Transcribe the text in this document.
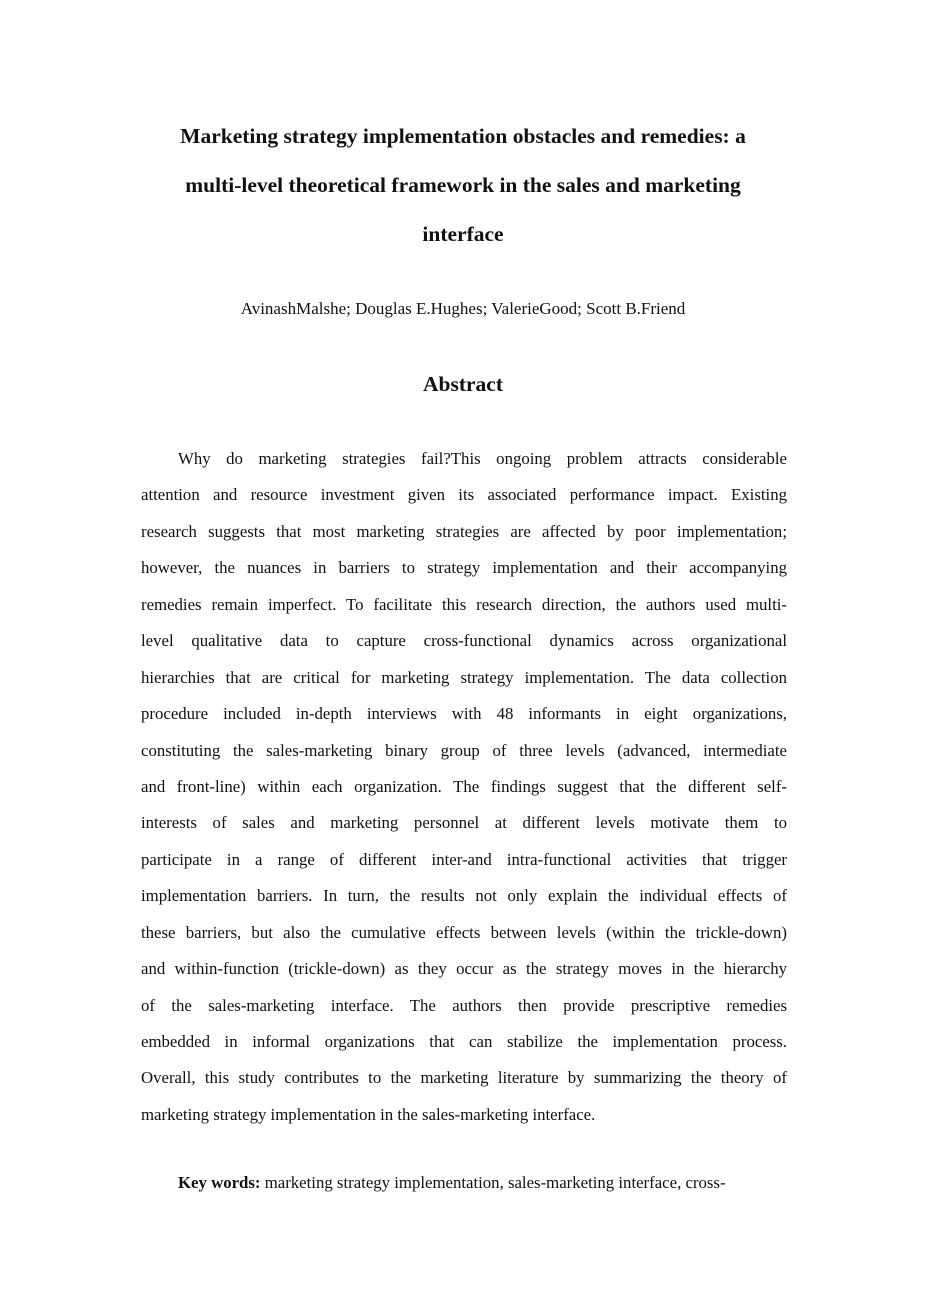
Marketing strategy implementation obstacles and remedies: a
multi-level theoretical framework in the sales and marketing
interface
AvinashMalshe; Douglas E.Hughes; ValerieGood; Scott B.Friend
Abstract
Why do marketing strategies fail?This ongoing problem attracts considerable
attention and resource investment given its associated performance impact. Existing
research suggests that most marketing strategies are affected by poor implementation;
however, the nuances in barriers to strategy implementation and their accompanying
remedies remain imperfect. To facilitate this research direction, the authors used multi-
level qualitative data to capture cross-functional dynamics across organizational
hierarchies that are critical for marketing strategy implementation. The data collection
procedure included in-depth interviews with 48 informants in eight organizations,
constituting the sales-marketing binary group of three levels (advanced, intermediate
and front-line) within each organization. The findings suggest that the different self-
interests of sales and marketing personnel at different levels motivate them to
participate in a range of different inter-and intra-functional activities that trigger
implementation barriers. In turn, the results not only explain the individual effects of
these barriers, but also the cumulative effects between levels (within the trickle-down)
and within-function (trickle-down) as they occur as the strategy moves in the hierarchy
of the sales-marketing interface. The authors then provide prescriptive remedies
embedded in informal organizations that can stabilize the implementation process.
Overall, this study contributes to the marketing literature by summarizing the theory of
marketing strategy implementation in the sales-marketing interface.
Key words: marketing strategy implementation, sales-marketing interface, cross-
